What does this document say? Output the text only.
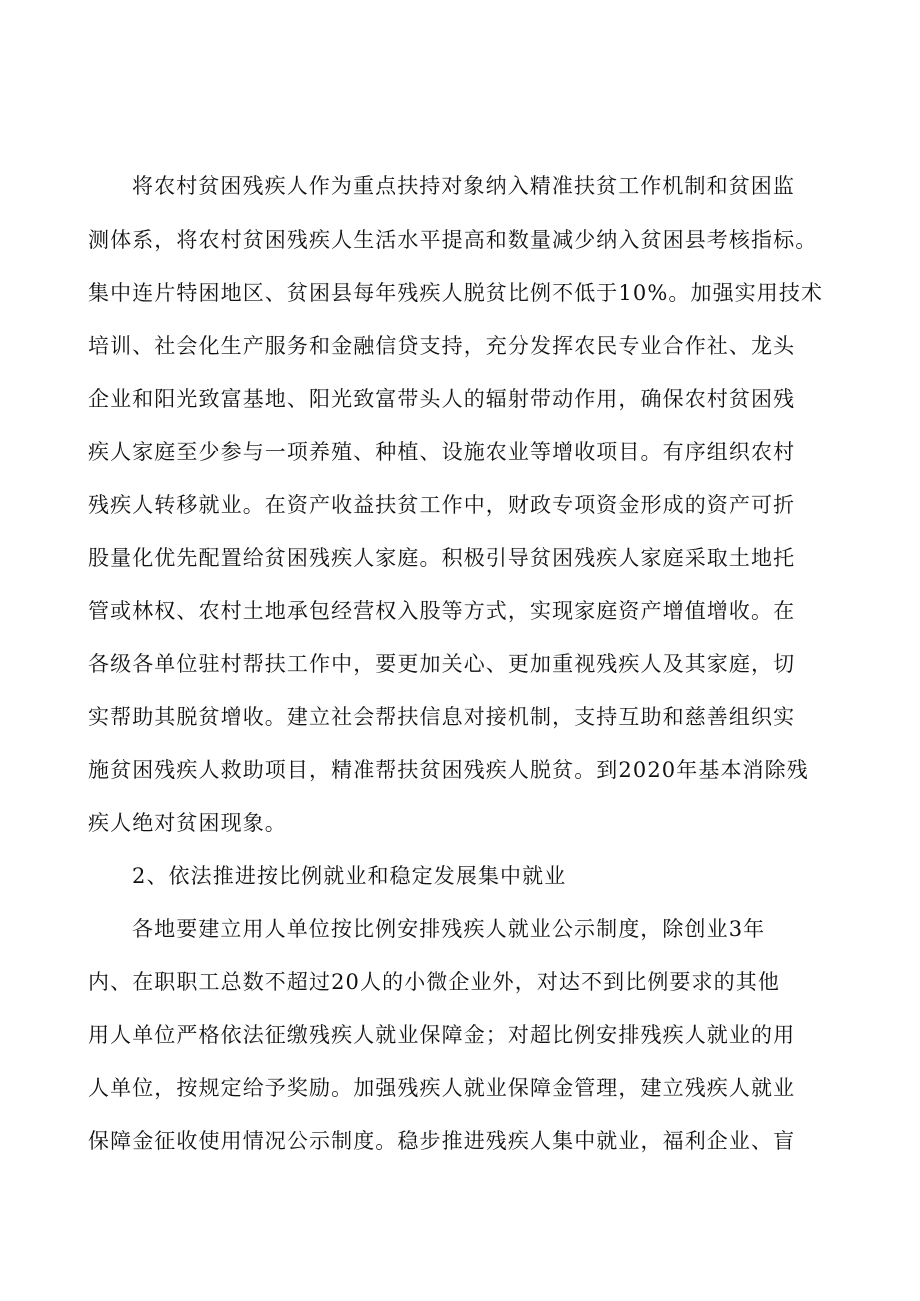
将农村贫困残疾人作为重点扶持对象纳入精准扶贫工作机制和贫困监
测体系，将农村贫困残疾人生活水平提高和数量减少纳入贫困县考核指标。
集中连片特困地区、贫困县每年残疾人脱贫比例不低于10%。加强实用技术
培训、社会化生产服务和金融信贷支持，充分发挥农民专业合作社、龙头
企业和阳光致富基地、阳光致富带头人的辐射带动作用，确保农村贫困残
疾人家庭至少参与一项养殖、种植、设施农业等增收项目。有序组织农村
残疾人转移就业。在资产收益扶贫工作中，财政专项资金形成的资产可折
股量化优先配置给贫困残疾人家庭。积极引导贫困残疾人家庭采取土地托
管或林权、农村土地承包经营权入股等方式，实现家庭资产增值增收。在
各级各单位驻村帮扶工作中，要更加关心、更加重视残疾人及其家庭，切
实帮助其脱贫增收。建立社会帮扶信息对接机制，支持互助和慈善组织实
施贫困残疾人救助项目，精准帮扶贫困残疾人脱贫。到2020年基本消除残
疾人绝对贫困现象。
2、依法推进按比例就业和稳定发展集中就业
各地要建立用人单位按比例安排残疾人就业公示制度，除创业3年
内、在职职工总数不超过20人的小微企业外，对达不到比例要求的其他
用人单位严格依法征缴残疾人就业保障金；对超比例安排残疾人就业的用
人单位，按规定给予奖励。加强残疾人就业保障金管理，建立残疾人就业
保障金征收使用情况公示制度。稳步推进残疾人集中就业，福利企业、盲
